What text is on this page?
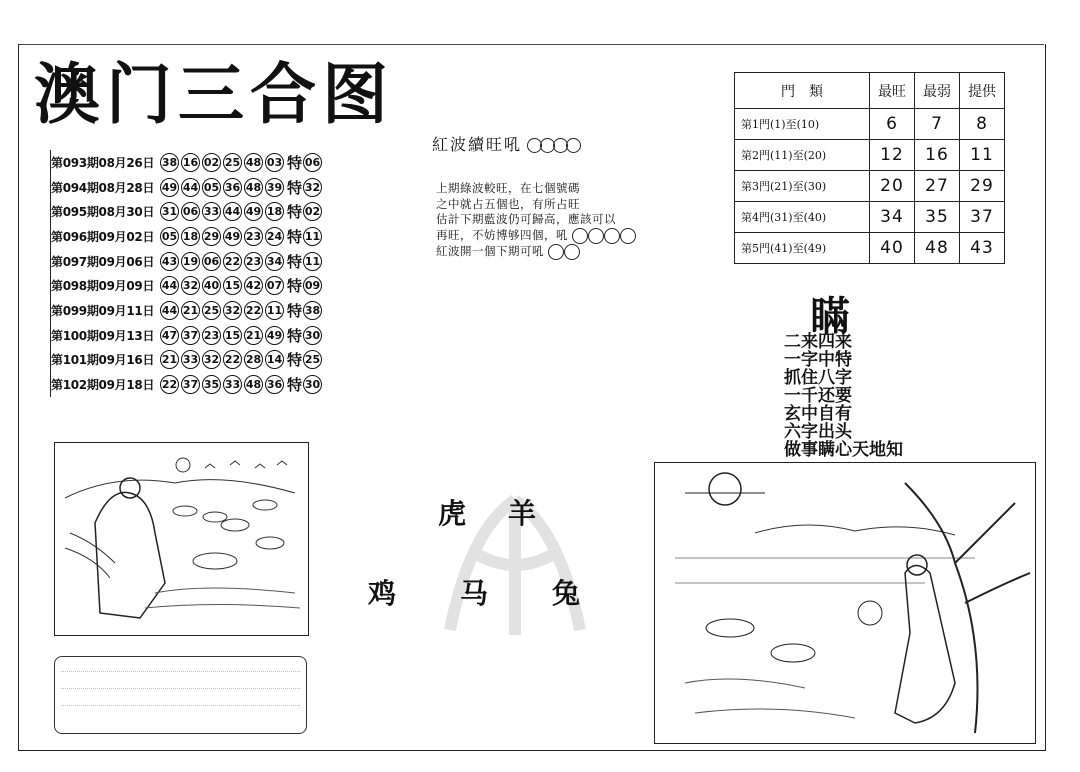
澳门三合图
第093期08月26日 38 16 02 25 48 03 特 06
第094期08月28日 49 44 05 36 48 39 特 32
第095期08月30日 31 06 33 44 49 18 特 02
第096期09月02日 05 18 29 49 23 24 特 11
第097期09月06日 43 19 06 22 23 34 特 11
第098期09月09日 44 32 40 15 42 07 特 09
第099期09月11日 44 21 25 32 22 11 特 38
第100期09月13日 47 37 23 15 21 49 特 30
第101期09月16日 21 33 32 22 28 14 特 25
第102期09月18日 22 37 35 33 48 36 特 30
紅波續旺吼
上期綠波較旺，在七個號碼
之中就占五個也，有所占旺
估計下期藍波仍可歸高，應該可以
再旺，不妨博够四個，吼
紅波開一個下期可吼
門　類	最旺	最弱	提供
第1門(1)至(10)	6	7	8
第2門(11)至(20)	12	16	11
第3門(21)至(30)	20	27	29
第4門(31)至(40)	34	35	37
第5門(41)至(49)	40	48	43
瞞
二来四来
一字中特
抓住八字
一千还要
玄中自有
六字出头
做事瞒心天地知
虎 羊
鸡 马 兔
